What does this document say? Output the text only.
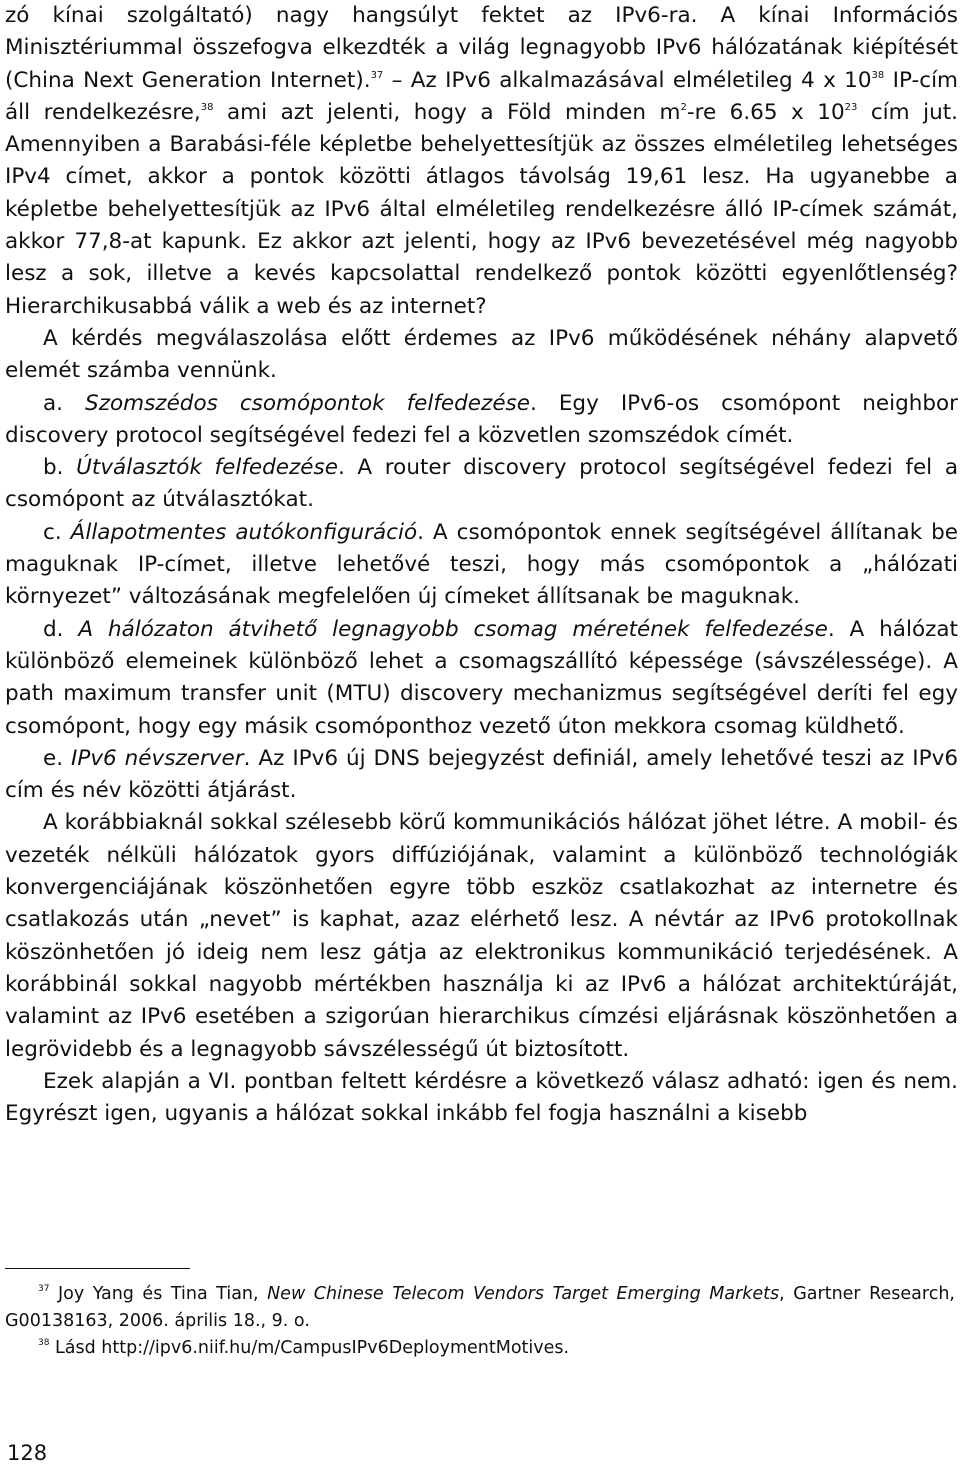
zó kínai szolgáltató) nagy hangsúlyt fektet az IPv6-ra. A kínai Információs Minisztériummal összefogva elkezdték a világ legnagyobb IPv6 hálózatának kiépítését (China Next Generation Internet).$^{37}$ – Az IPv6 alkalmazásával elméletileg 4 x $10^{38}$ IP-cím áll rendelkezésre,$^{38}$ ami azt jelenti, hogy a Föld minden $m^2-re$ 6.65 x $10^{23}$ cím jut. Amennyiben a Barabási-féle képletbe behelyettesítjük az összes elméletileg lehetséges IPv4 címet, akkor a pontok közötti átlagos távolság 19,61 lesz. Ha ugyanebbe a képletbe behelyettesítjük az IPv6 által elméletileg rendelkezésre álló IP-címek számát, akkor 77,8-at kapunk. Ez akkor azt jelenti, hogy az IPv6 bevezetésével még nagyobb lesz a sok, illetve a kevés kapcsolattal rendelkező pontok közötti egyenlőtlenség? Hierarchikusabbá válik a web és az internet?

A kérdés megválaszolása előtt érdemes az IPv6 működésének néhány alapvető elemét számba vennünk.

a. Szomszédos csomópontok felfedezése. Egy IPv6-os csomópont neighbor discovery protocol segítségével fedezi fel a közvetlen szomszédok címét.

b. Útválasztók felfedezése. A router discovery protocol segítségével fedezi fel a csomópont az útválasztókat.

c. Állapotmentes autókonfiguráció. A csomópontok ennek segítségével állítanak be maguknak IP-címet, illetve lehetővé teszi, hogy más csomópontok a „hálózati környezet” változásának megfelelően új címeket állítsanak be maguknak.

d. A hálózaton átvihető legnagyobb csomag méretének felfedezése. A hálózat különböző elemeinek különböző lehet a csomagszállító képessége (sávszélessége). A path maximum transfer unit (MTU) discovery mechanizmus segítségével deríti fel egy csomópont, hogy egy másik csomóponthoz vezető úton mekkora csomag küldhető.

e. IPv6 névszerver. Az IPv6 új DNS bejegyzést definiál, amely lehetővé teszi az IPv6 cím és név közötti átjárást.

A korábbiaknál sokkal szélesebb körű kommunikációs hálózat jöhet létre. A mobil- és vezeték nélküli hálózatok gyors diffúziójának, valamint a különböző technológiák konvergenciájának köszönhetően egyre több eszköz csatlakozhat az internetre és csatlakozás után „nevet” is kaphat, azaz elérhető lesz. A névtár az IPv6 protokollnak köszönhetően jó ideig nem lesz gátja az elektronikus kommunikáció terjedésének. A korábbinál sokkal nagyobb mértékben használja ki az IPv6 a hálózat architektúráját, valamint az IPv6 esetében a szigorúan hierarchikus címzési eljárásnak köszönhetően a legrövidebb és a legnagyobb sávszélességű út biztosított.

Ezek alapján a VI. pontban feltett kérdésre a következő válasz adható: igen és nem. Egyrészt igen, ugyanis a hálózat sokkal inkább fel fogja használni a kisebb

$^{37}$ Joy Yang és Tina Tian, New Chinese Telecom Vendors Target Emerging Markets, Gartner Research, G00138163, 2006. április 18., 9. o.

$^{38}$ Lásd http://ipv6.niif.hu/m/CampusIPv6DeploymentMotives.

128
